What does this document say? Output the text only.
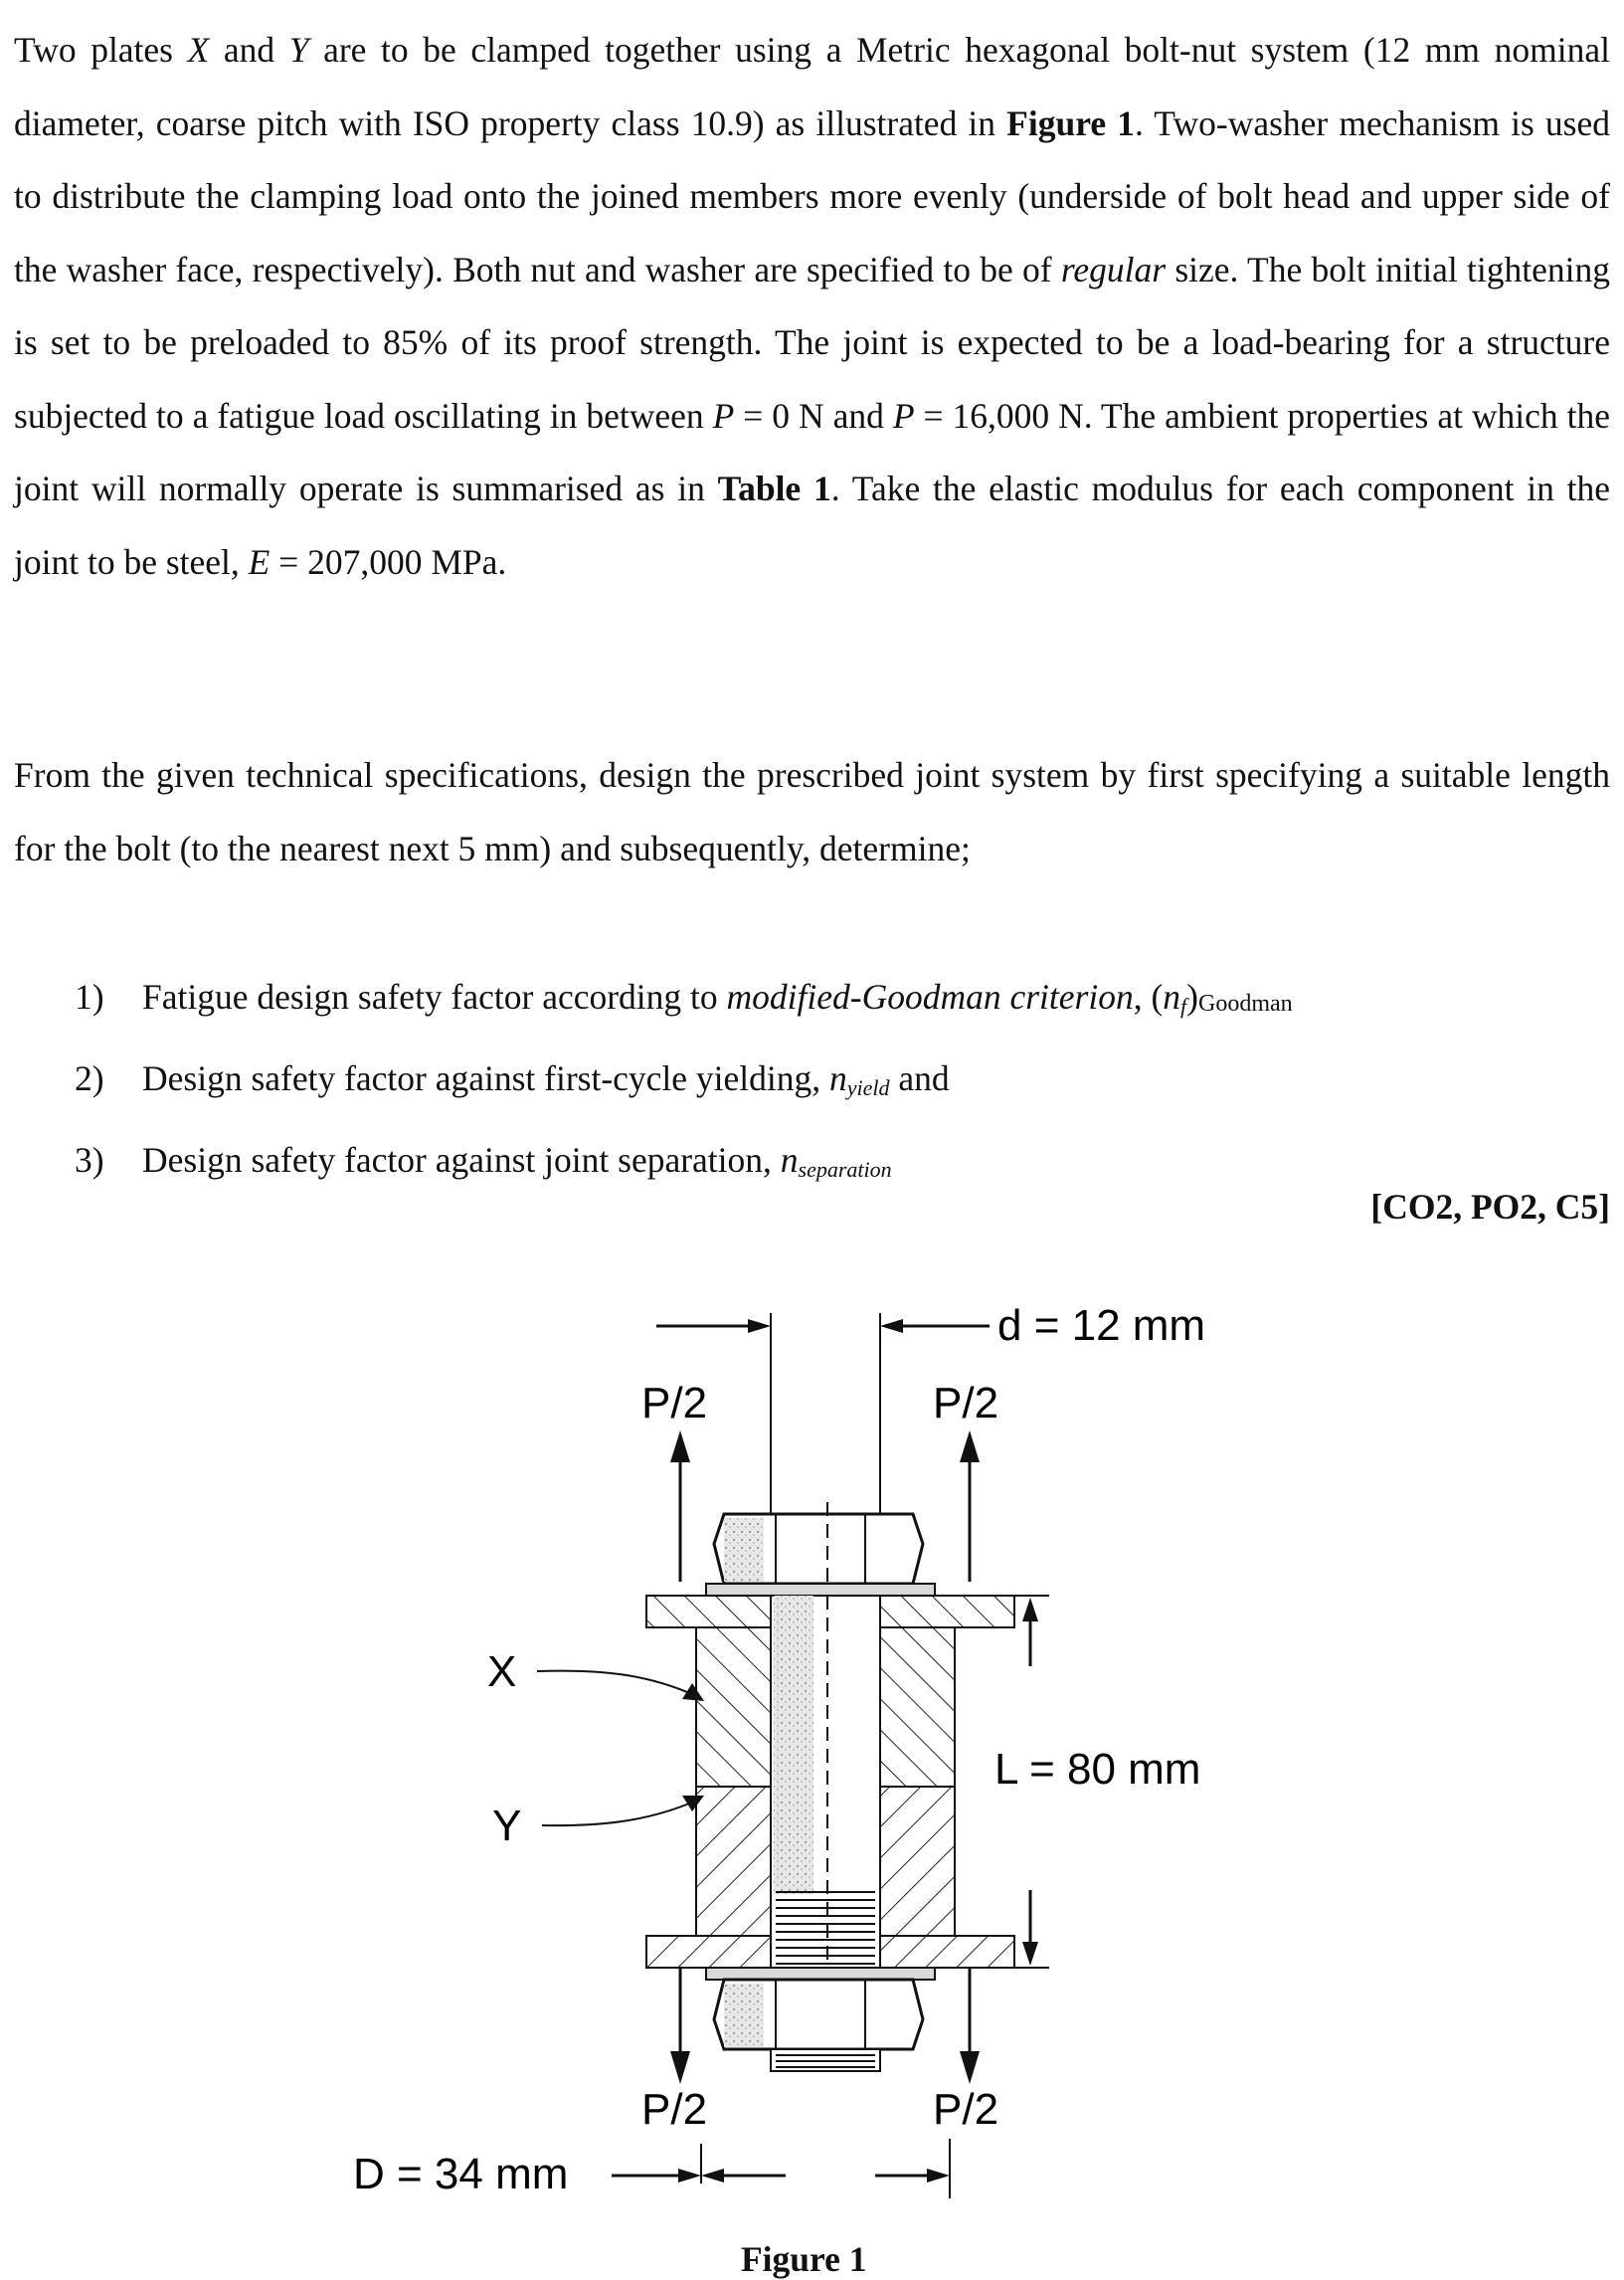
Two plates X and Y are to be clamped together using a Metric hexagonal bolt-nut system (12 mm nominal diameter, coarse pitch with ISO property class 10.9) as illustrated in Figure 1. Two-washer mechanism is used to distribute the clamping load onto the joined members more evenly (underside of bolt head and upper side of the washer face, respectively). Both nut and washer are specified to be of regular size. The bolt initial tightening is set to be preloaded to 85% of its proof strength. The joint is expected to be a load-bearing for a structure subjected to a fatigue load oscillating in between P = 0 N and P = 16,000 N. The ambient properties at which the joint will normally operate is summarised as in Table 1. Take the elastic modulus for each component in the joint to be steel, E = 207,000 MPa.

From the given technical specifications, design the prescribed joint system by first specifying a suitable length for the bolt (to the nearest next 5 mm) and subsequently, determine;

1) Fatigue design safety factor according to modified-Goodman criterion, $(n_f)_{Goodman}$
2) Design safety factor against first-cycle yielding, $n_{yield}$ and
3) Design safety factor against joint separation, $n_{separation}$
[CO2, PO2, C5]
d = 12 mm
P/2	P/2
L = 80 mm
X
Y
P/2	P/2
D = 34 mm
Figure 1
